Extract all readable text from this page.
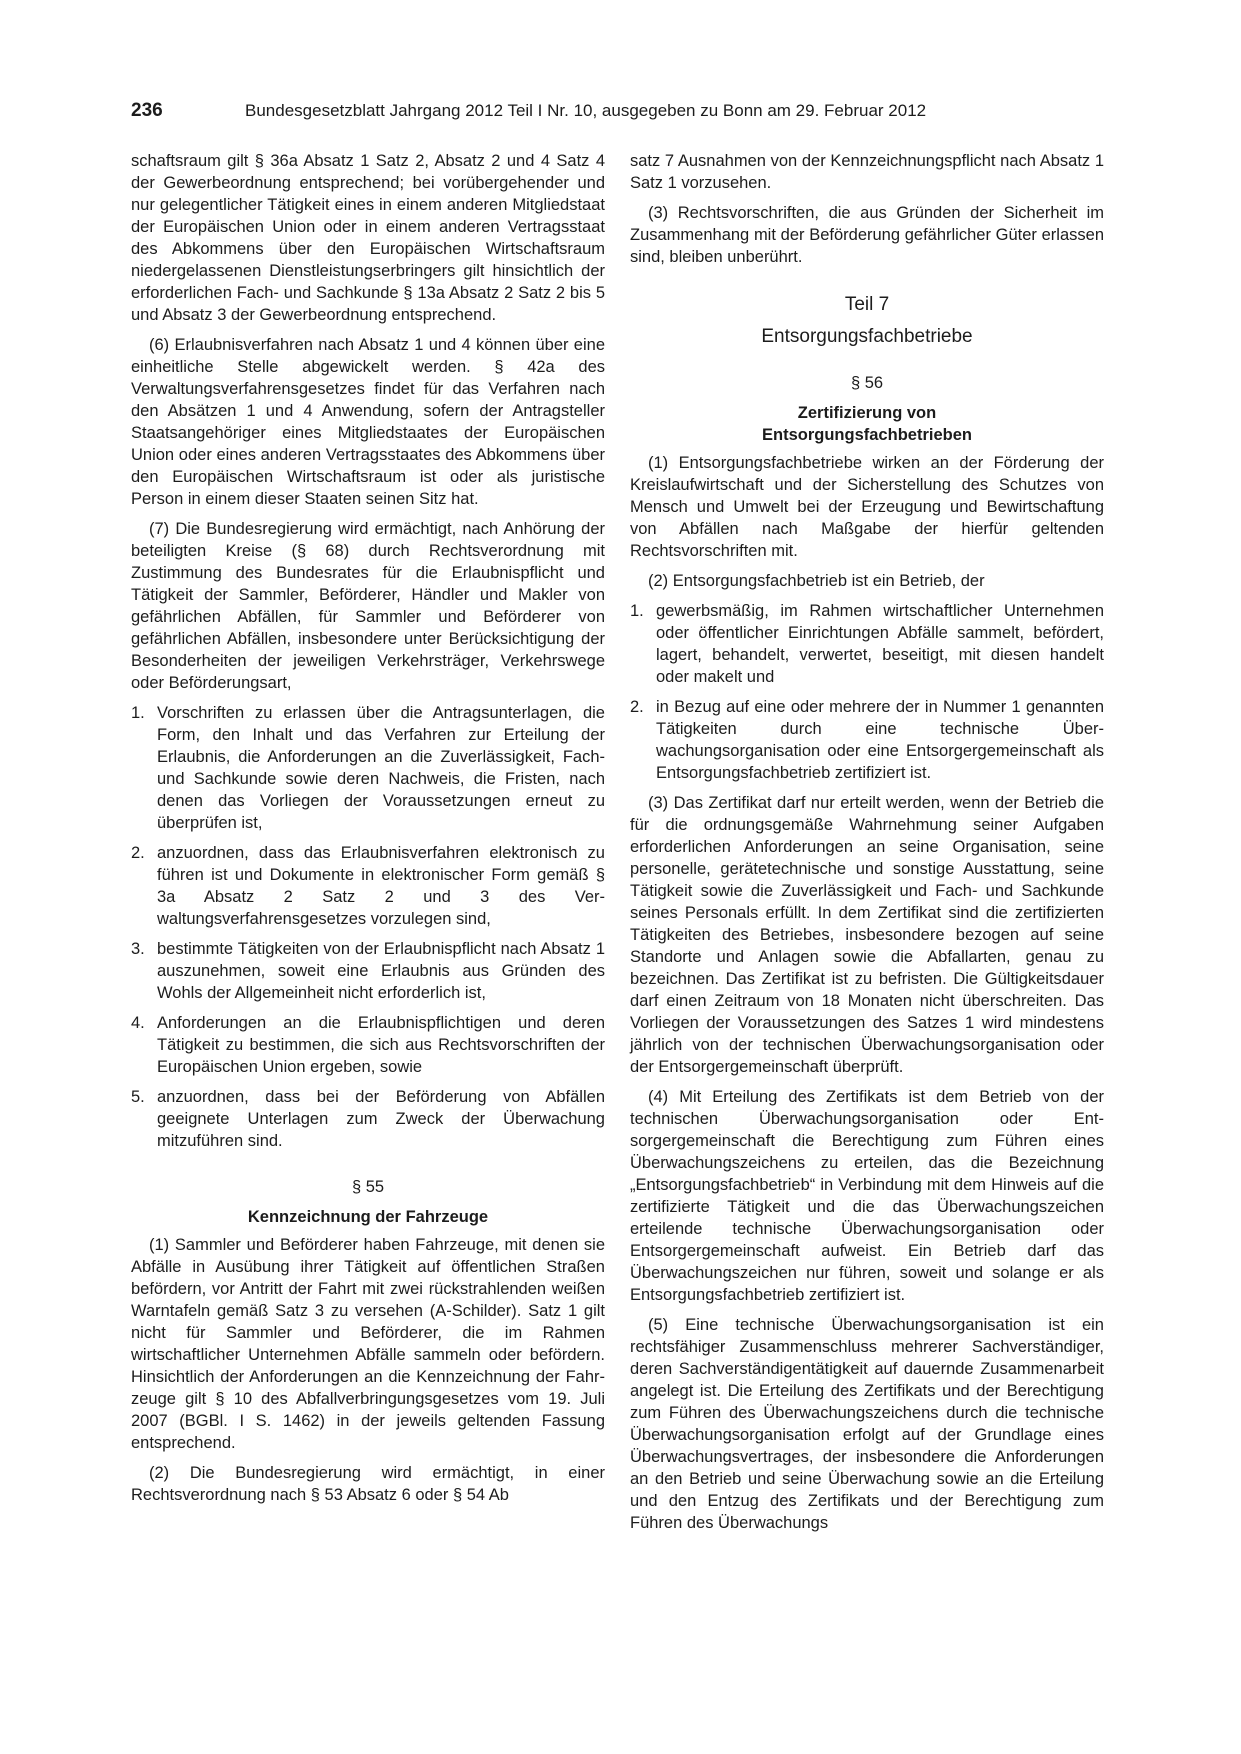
236	Bundesgesetzblatt Jahrgang 2012 Teil I Nr. 10, ausgegeben zu Bonn am 29. Februar 2012

schaftsraum gilt § 36a Absatz 1 Satz 2, Absatz 2 und 4 Satz 4 der Gewerbeordnung entsprechend; bei vorübergehender und nur gelegentlicher Tätigkeit eines in einem anderen Mitgliedstaat der Europäischen Union oder in einem anderen Vertragsstaat des Abkommens über den Europäischen Wirtschaftsraum niedergelassenen Dienstleistungserbringers gilt hinsichtlich der erforderlichen Fach- und Sachkunde § 13a Absatz 2 Satz 2 bis 5 und Absatz 3 der Gewerbeordnung entsprechend.

(6) Erlaubnisverfahren nach Absatz 1 und 4 können über eine einheitliche Stelle abgewickelt werden. § 42a des Verwaltungsverfahrensgesetzes findet für das Verfahren nach den Absätzen 1 und 4 Anwendung, sofern der Antragsteller Staatsangehöriger eines Mitgliedstaates der Europäischen Union oder eines anderen Vertragsstaates des Abkommens über den Europäischen Wirtschaftsraum ist oder als juristische Person in einem dieser Staaten seinen Sitz hat.

(7) Die Bundesregierung wird ermächtigt, nach Anhörung der beteiligten Kreise (§ 68) durch Rechtsverordnung mit Zustimmung des Bundesrates für die Erlaubnispflicht und Tätigkeit der Sammler, Beförderer, Händler und Makler von gefährlichen Abfällen, für Sammler und Beförderer von gefährlichen Abfällen, insbesondere unter Berücksichtigung der Besonderheiten der jeweiligen Verkehrsträger, Verkehrswege oder Beförderungsart,

1. Vorschriften zu erlassen über die Antragsunterlagen, die Form, den Inhalt und das Verfahren zur Erteilung der Erlaubnis, die Anforderungen an die Zuverlässigkeit, Fach- und Sachkunde sowie deren Nachweis, die Fristen, nach denen das Vorliegen der Voraussetzungen erneut zu überprüfen ist,
2. anzuordnen, dass das Erlaubnisverfahren elektronisch zu führen ist und Dokumente in elektronischer Form gemäß § 3a Absatz 2 Satz 2 und 3 des Verwaltungsverfahrensgesetzes vorzulegen sind,
3. bestimmte Tätigkeiten von der Erlaubnispflicht nach Absatz 1 auszunehmen, soweit eine Erlaubnis aus Gründen des Wohls der Allgemeinheit nicht erforderlich ist,
4. Anforderungen an die Erlaubnispflichtigen und deren Tätigkeit zu bestimmen, die sich aus Rechtsvorschriften der Europäischen Union ergeben, sowie
5. anzuordnen, dass bei der Beförderung von Abfällen geeignete Unterlagen zum Zweck der Überwachung mitzuführen sind.
§ 55
Kennzeichnung der Fahrzeuge

(1) Sammler und Beförderer haben Fahrzeuge, mit denen sie Abfälle in Ausübung ihrer Tätigkeit auf öffentlichen Straßen befördern, vor Antritt der Fahrt mit zwei rückstrahlenden weißen Warntafeln gemäß Satz 3 zu versehen (A-Schilder). Satz 1 gilt nicht für Sammler und Beförderer, die im Rahmen wirtschaftlicher Unternehmen Abfälle sammeln oder befördern. Hinsichtlich der Anforderungen an die Kennzeichnung der Fahrzeuge gilt § 10 des Abfallverbringungsgesetzes vom 19. Juli 2007 (BGBl. I S. 1462) in der jeweils geltenden Fassung entsprechend.

(2) Die Bundesregierung wird ermächtigt, in einer Rechtsverordnung nach § 53 Absatz 6 oder § 54 Ab

satz 7 Ausnahmen von der Kennzeichnungspflicht nach Absatz 1 Satz 1 vorzusehen.

(3) Rechtsvorschriften, die aus Gründen der Sicherheit im Zusammenhang mit der Beförderung gefährlicher Güter erlassen sind, bleiben unberührt.

Teil 7
Entsorgungsfachbetriebe
§ 56
Zertifizierung von
Entsorgungsfachbetrieben

(1) Entsorgungsfachbetriebe wirken an der Förderung der Kreislaufwirtschaft und der Sicherstellung des Schutzes von Mensch und Umwelt bei der Erzeugung und Bewirtschaftung von Abfällen nach Maßgabe der hierfür geltenden Rechtsvorschriften mit.

(2) Entsorgungsfachbetrieb ist ein Betrieb, der

1. gewerbsmäßig, im Rahmen wirtschaftlicher Unternehmen oder öffentlicher Einrichtungen Abfälle sammelt, befördert, lagert, behandelt, verwertet, beseitigt, mit diesen handelt oder makelt und
2. in Bezug auf eine oder mehrere der in Nummer 1 genannten Tätigkeiten durch eine technische Überwachungsorganisation oder eine Entsorgergemeinschaft als Entsorgungsfachbetrieb zertifiziert ist.

(3) Das Zertifikat darf nur erteilt werden, wenn der Betrieb die für die ordnungsgemäße Wahrnehmung seiner Aufgaben erforderlichen Anforderungen an seine Organisation, seine personelle, gerätetechnische und sonstige Ausstattung, seine Tätigkeit sowie die Zuverlässigkeit und Fach- und Sachkunde seines Personals erfüllt. In dem Zertifikat sind die zertifizierten Tätigkeiten des Betriebes, insbesondere bezogen auf seine Standorte und Anlagen sowie die Abfallarten, genau zu bezeichnen. Das Zertifikat ist zu befristen. Die Gültigkeitsdauer darf einen Zeitraum von 18 Monaten nicht überschreiten. Das Vorliegen der Voraussetzungen des Satzes 1 wird mindestens jährlich von der technischen Überwachungsorganisation oder der Entsorgergemeinschaft überprüft.

(4) Mit Erteilung des Zertifikats ist dem Betrieb von der technischen Überwachungsorganisation oder Entsorgergemeinschaft die Berechtigung zum Führen eines Überwachungszeichens zu erteilen, das die Bezeichnung „Entsorgungsfachbetrieb“ in Verbindung mit dem Hinweis auf die zertifizierte Tätigkeit und die das Überwachungszeichen erteilende technische Überwachungsorganisation oder Entsorgergemeinschaft aufweist. Ein Betrieb darf das Überwachungszeichen nur führen, soweit und solange er als Entsorgungsfachbetrieb zertifiziert ist.

(5) Eine technische Überwachungsorganisation ist ein rechtsfähiger Zusammenschluss mehrerer Sachverständiger, deren Sachverständigentätigkeit auf dauernde Zusammenarbeit angelegt ist. Die Erteilung des Zertifikats und der Berechtigung zum Führen des Überwachungszeichens durch die technische Überwachungsorganisation erfolgt auf der Grundlage eines Überwachungsvertrages, der insbesondere die Anforderungen an den Betrieb und seine Überwachung sowie an die Erteilung und den Entzug des Zertifikats und der Berechtigung zum Führen des Überwachungs
